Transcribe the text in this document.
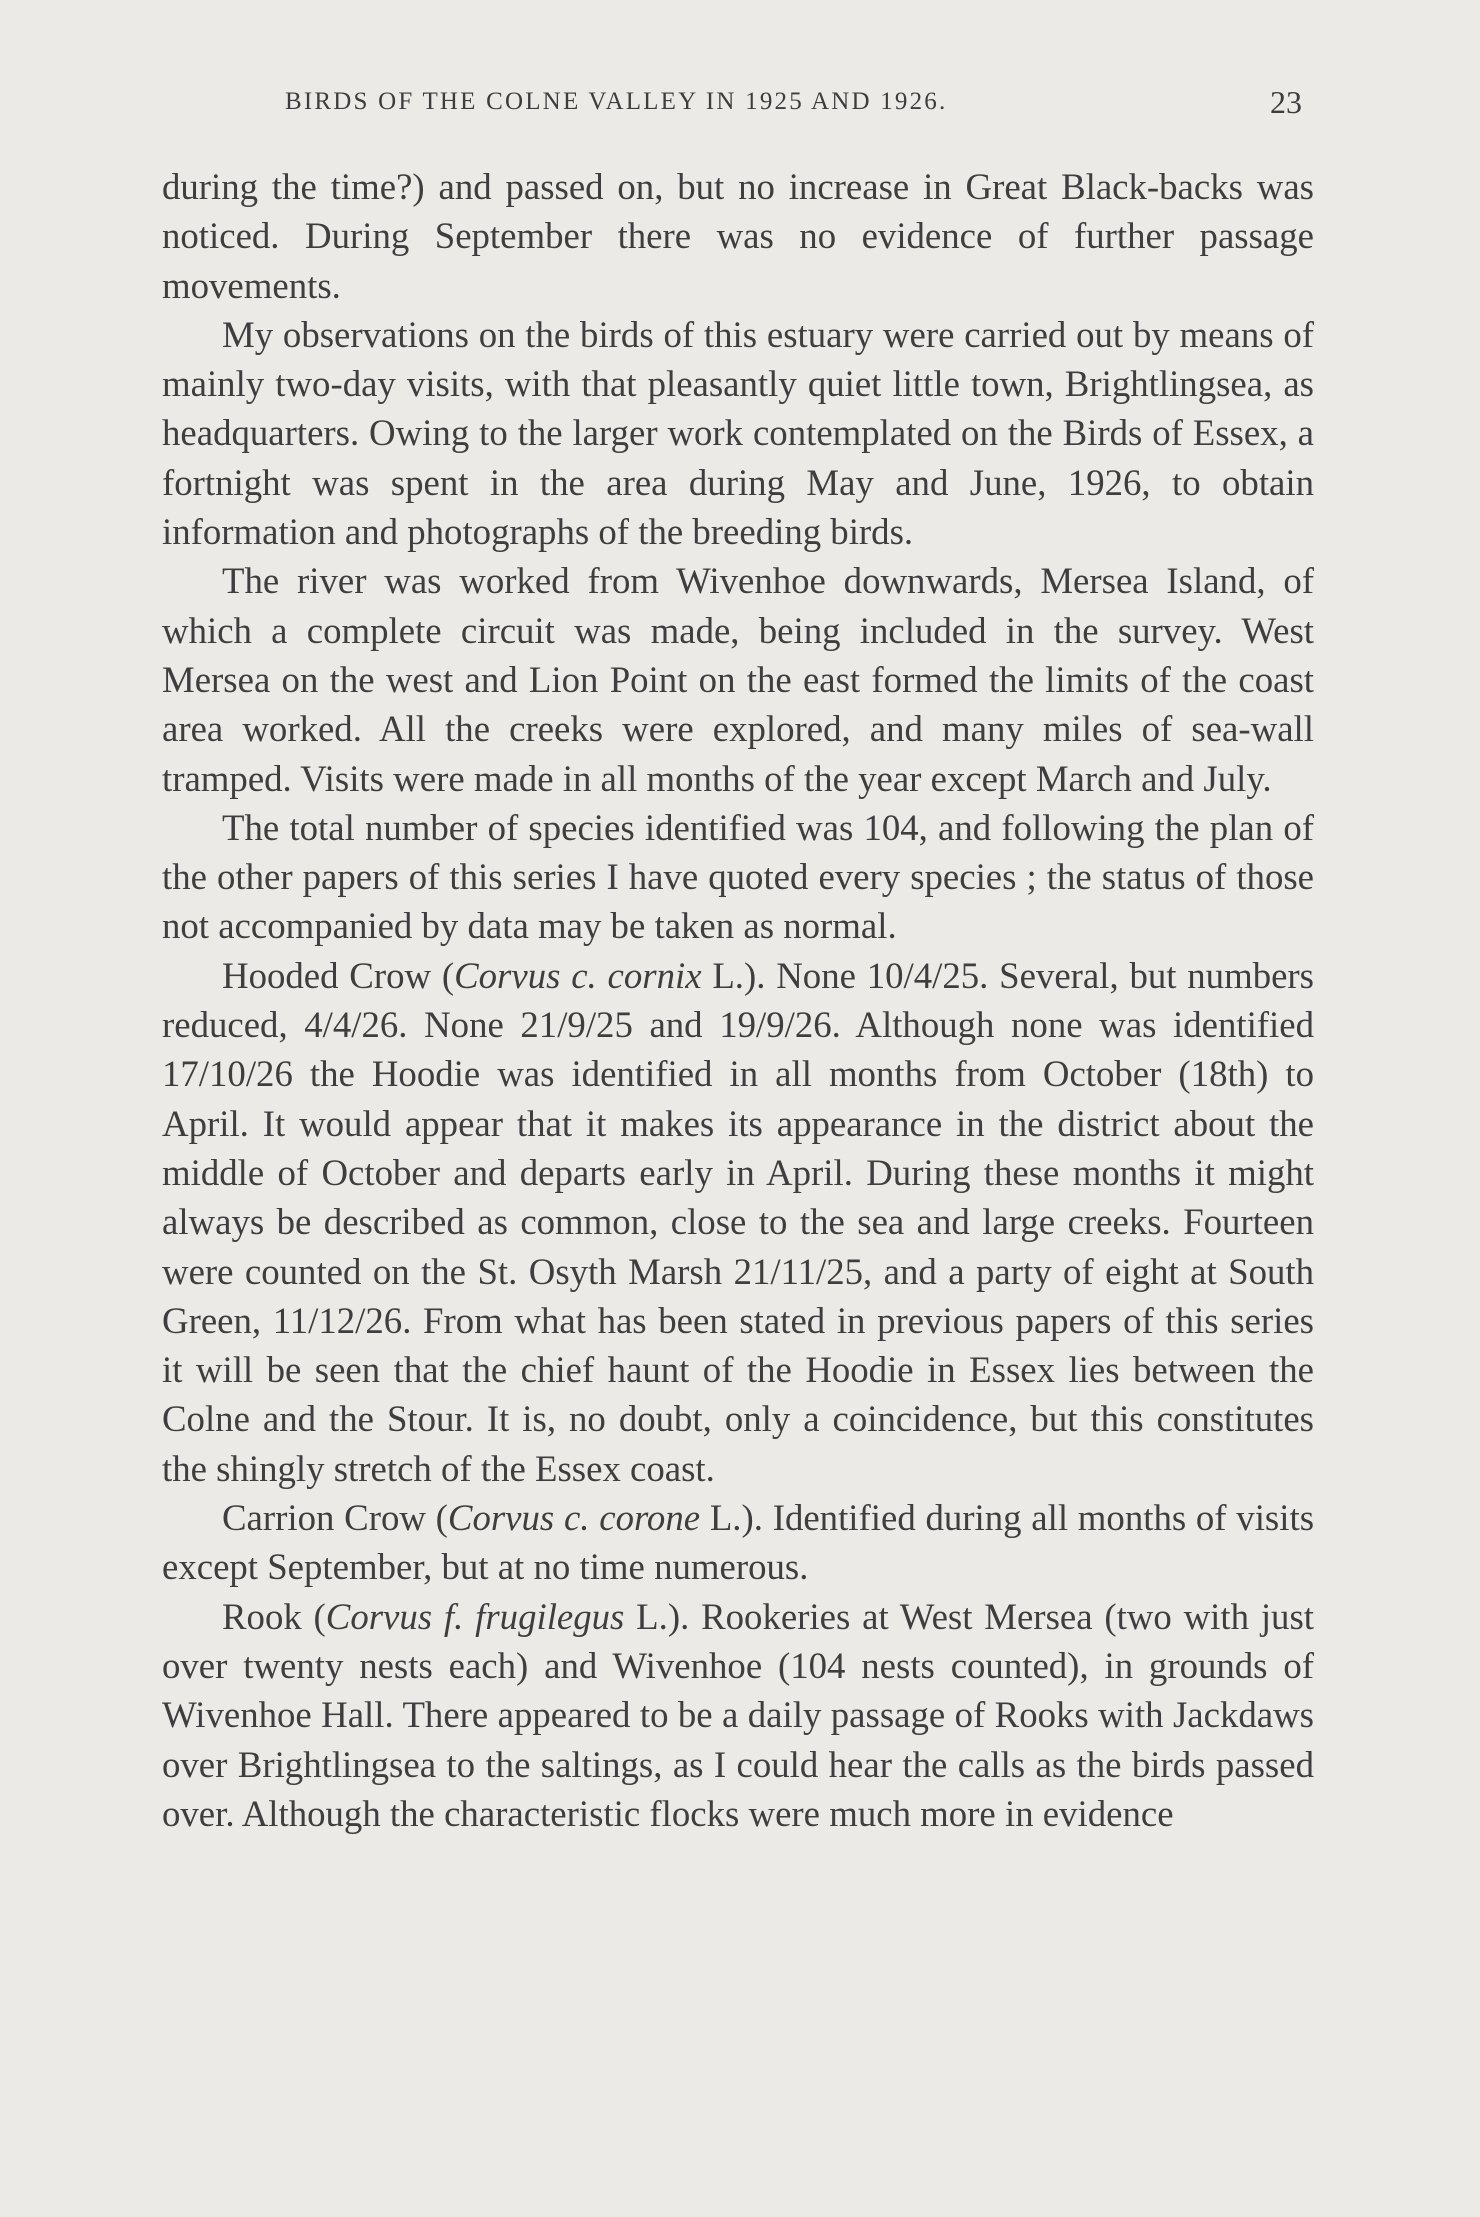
BIRDS OF THE COLNE VALLEY IN 1925 AND 1926.	23

during the time?) and passed on, but no increase in Great Black-backs was noticed. During September there was no evidence of further passage movements.

My observations on the birds of this estuary were carried out by means of mainly two-day visits, with that pleasantly quiet little town, Brightlingsea, as headquarters. Owing to the larger work contemplated on the Birds of Essex, a fortnight was spent in the area during May and June, 1926, to obtain information and photographs of the breeding birds.

The river was worked from Wivenhoe downwards, Mersea Island, of which a complete circuit was made, being included in the survey. West Mersea on the west and Lion Point on the east formed the limits of the coast area worked. All the creeks were explored, and many miles of sea-wall tramped. Visits were made in all months of the year except March and July.

The total number of species identified was 104, and following the plan of the other papers of this series I have quoted every species ; the status of those not accompanied by data may be taken as normal.

Hooded Crow (Corvus c. cornix L.). None 10/4/25. Several, but numbers reduced, 4/4/26. None 21/9/25 and 19/9/26. Although none was identified 17/10/26 the Hoodie was identified in all months from October (18th) to April. It would appear that it makes its appearance in the district about the middle of October and departs early in April. During these months it might always be described as common, close to the sea and large creeks. Fourteen were counted on the St. Osyth Marsh 21/11/25, and a party of eight at South Green, 11/12/26. From what has been stated in previous papers of this series it will be seen that the chief haunt of the Hoodie in Essex lies between the Colne and the Stour. It is, no doubt, only a coincidence, but this constitutes the shingly stretch of the Essex coast.

Carrion Crow (Corvus c. corone L.). Identified during all months of visits except September, but at no time numerous.

Rook (Corvus f. frugilegus L.). Rookeries at West Mersea (two with just over twenty nests each) and Wivenhoe (104 nests counted), in grounds of Wivenhoe Hall. There appeared to be a daily passage of Rooks with Jackdaws over Brightlingsea to the saltings, as I could hear the calls as the birds passed over. Although the characteristic flocks were much more in evidence
